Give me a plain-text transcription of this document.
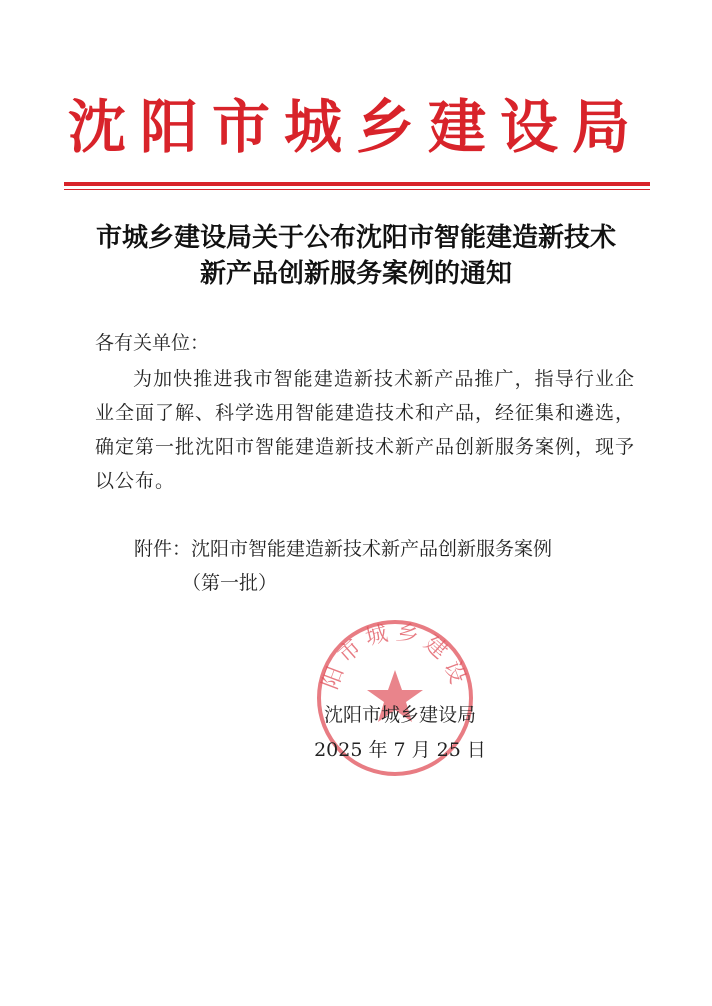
沈阳市城乡建设局
市城乡建设局关于公布沈阳市智能建造新技术
新产品创新服务案例的通知
各有关单位：
为加快推进我市智能建造新技术新产品推广，指导行业企业全面了解、科学选用智能建造技术和产品，经征集和遴选，确定第一批沈阳市智能建造新技术新产品创新服务案例，现予以公布。
附件：沈阳市智能建造新技术新产品创新服务案例
（第一批）
阳市城乡建设
沈阳市城乡建设局
2025 年 7 月 25 日
